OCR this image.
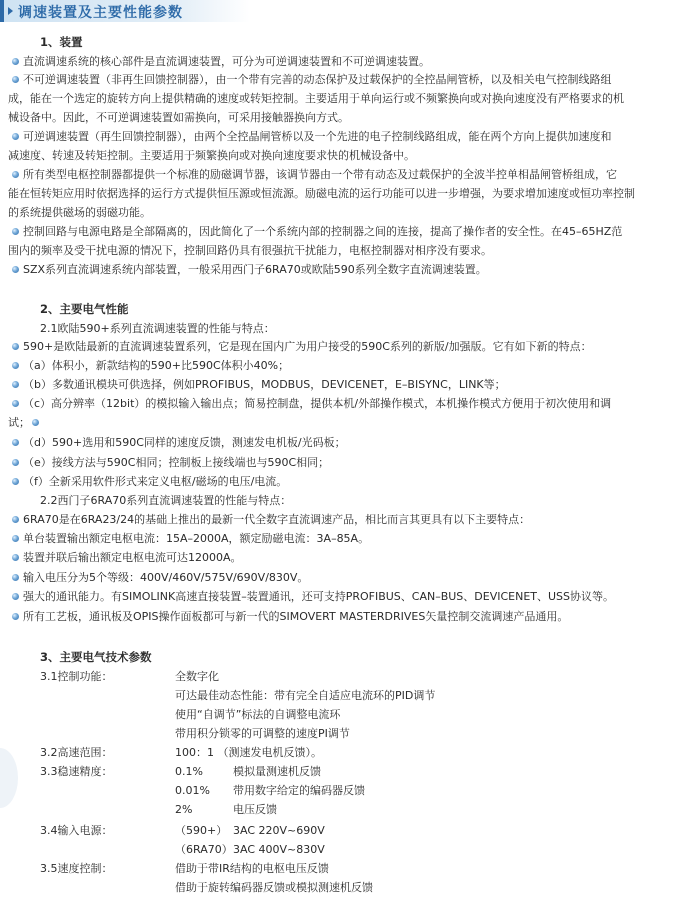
调速装置及主要性能参数
1、装置
直流调速系统的核心部件是直流调速装置，可分为可逆调速装置和不可逆调速装置。
不可逆调速装置（非再生回馈控制器），由一个带有完善的动态保护及过载保护的全控晶闸管桥，以及相关电气控制线路组
成，能在一个选定的旋转方向上提供精确的速度或转矩控制。主要适用于单向运行或不频繁换向或对换向速度没有严格要求的机
械设备中。因此，不可逆调速装置如需换向，可采用接触器换向方式。
可逆调速装置（再生回馈控制器），由两个全控晶闸管桥以及一个先进的电子控制线路组成，能在两个方向上提供加速度和
减速度、转速及转矩控制。主要适用于频繁换向或对换向速度要求快的机械设备中。
所有类型电枢控制器都提供一个标准的励磁调节器，该调节器由一个带有动态及过载保护的全波半控单相晶闸管桥组成，它
能在恒转矩应用时依据选择的运行方式提供恒压源或恒流源。励磁电流的运行功能可以进一步增强，为要求增加速度或恒功率控制
的系统提供磁场的弱磁功能。
控制回路与电源电路是全部隔离的，因此简化了一个系统内部的控制器之间的连接，提高了操作者的安全性。在45–65HZ范
围内的频率及受干扰电源的情况下，控制回路仍具有很强抗干扰能力，电枢控制器对相序没有要求。
SZX系列直流调速系统内部装置，一般采用西门子6RA70或欧陆590系列全数字直流调速装置。
2、主要电气性能
2.1欧陆590+系列直流调速装置的性能与特点：
590+是欧陆最新的直流调速装置系列，它是现在国内广为用户接受的590C系列的新版/加强版。它有如下新的特点：
（a）体积小，新款结构的590+比590C体积小40%；
（b）多数通讯模块可供选择，例如PROFIBUS，MODBUS，DEVICENET，E–BISYNC，LINK等；
（c）高分辨率（12bit）的模拟输入输出点；简易控制盘，提供本机/外部操作模式，本机操作模式方便用于初次使用和调
试；
（d）590+选用和590C同样的速度反馈，测速发电机板/光码板；
（e）接线方法与590C相同；控制板上接线端也与590C相同；
（f）全新采用软件形式来定义电枢/磁场的电压/电流。
2.2西门子6RA70系列直流调速装置的性能与特点：
6RA70是在6RA23/24的基础上推出的最新一代全数字直流调速产品，相比而言其更具有以下主要特点：
单台装置输出额定电枢电流：15A–2000A，额定励磁电流：3A–85A。
装置并联后输出额定电枢电流可达12000A。
输入电压分为5个等级：400V/460V/575V/690V/830V。
强大的通讯能力。有SIMOLINK高速直接装置–装置通讯，还可支持PROFIBUS、CAN–BUS、DEVICENET、USS协议等。
所有工艺板，通讯板及OPIS操作面板都可与新一代的SIMOVERT MASTERDRIVES矢量控制交流调速产品通用。
3、主要电气技术参数
3.1控制功能：	全数字化
可达最佳动态性能：带有完全自适应电流环的PID调节
使用“自调节”标法的自调整电流环
带用积分锁零的可调整的速度PI调节
3.2高速范围：	100：1 （测速发电机反馈）。
3.3稳速精度：	0.1%	模拟量测速机反馈
0.01% 带用数字给定的编码器反馈
2%	电压反馈
3.4输入电源：	（590+） 3AC 220V~690V
（6RA70） 3AC 400V~830V
3.5速度控制：	借助于带IR结构的电枢电压反馈
借助于旋转编码器反馈或模拟测速机反馈
